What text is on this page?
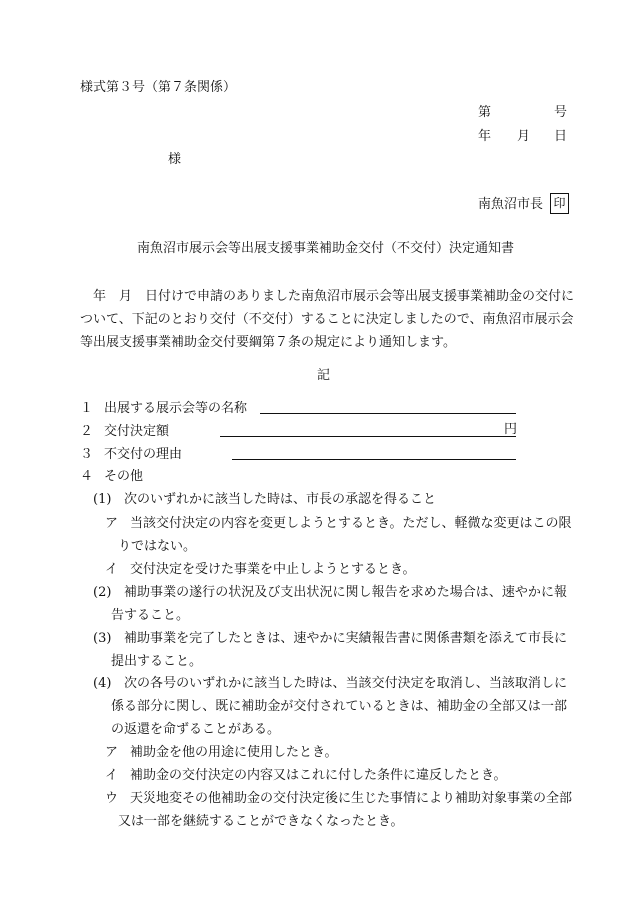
様式第３号（第７条関係）
第	号
年 月 日
様
南魚沼市長 印
南魚沼市展示会等出展支援事業補助金交付（不交付）決定通知書
年　月　日付けで申請のありました南魚沼市展示会等出展支援事業補助金の交付に
ついて、下記のとおり交付（不交付）することに決定しましたので、南魚沼市展示会
等出展支援事業補助金交付要綱第７条の規定により通知します。
記
１ 出展する展示会等の名称
２ 交付決定額	円
３ 不交付の理由
４ その他
(1) 次のいずれかに該当した時は、市長の承認を得ること
ア 当該交付決定の内容を変更しようとするとき。ただし、軽微な変更はこの限
りではない。
イ 交付決定を受けた事業を中止しようとするとき。
(2) 補助事業の遂行の状況及び支出状況に関し報告を求めた場合は、速やかに報
告すること。
(3) 補助事業を完了したときは、速やかに実績報告書に関係書類を添えて市長に
提出すること。
(4) 次の各号のいずれかに該当した時は、当該交付決定を取消し、当該取消しに
係る部分に関し、既に補助金が交付されているときは、補助金の全部又は一部
の返還を命ずることがある。
ア 補助金を他の用途に使用したとき。
イ 補助金の交付決定の内容又はこれに付した条件に違反したとき。
ウ 天災地変その他補助金の交付決定後に生じた事情により補助対象事業の全部
又は一部を継続することができなくなったとき。
